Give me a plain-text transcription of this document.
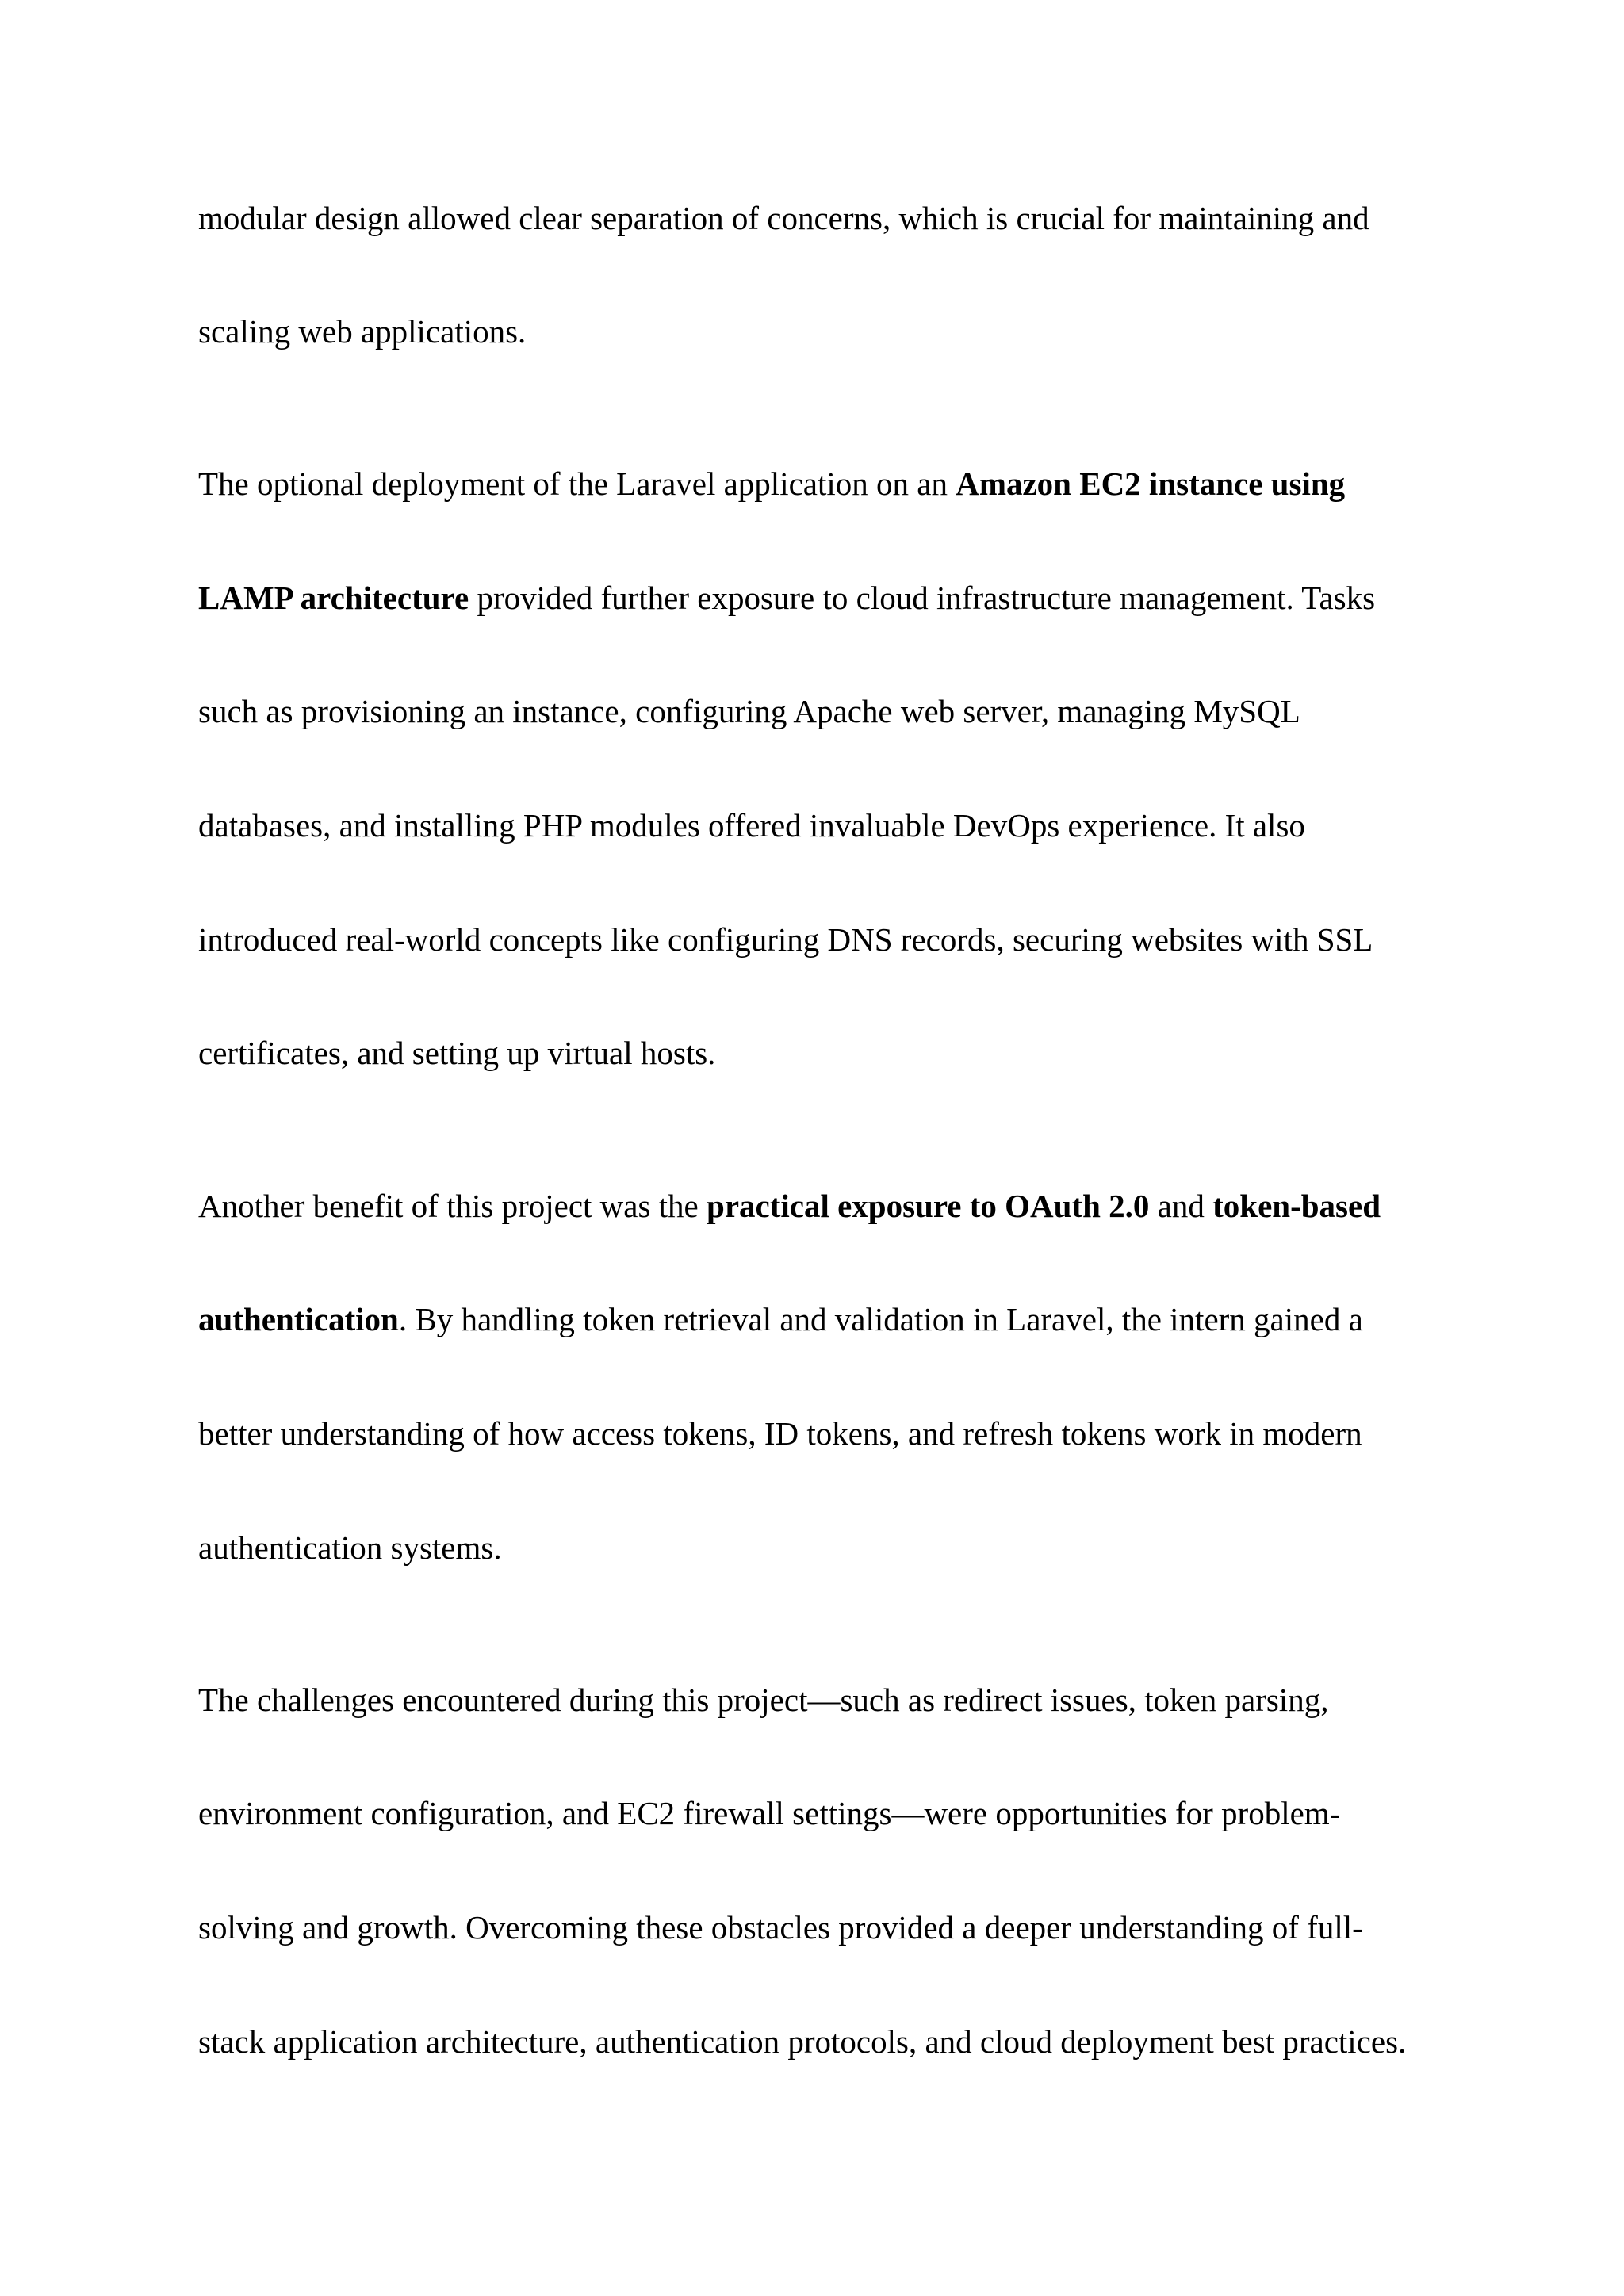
modular design allowed clear separation of concerns, which is crucial for maintaining and

scaling web applications.

The optional deployment of the Laravel application on an Amazon EC2 instance using

LAMP architecture provided further exposure to cloud infrastructure management. Tasks

such as provisioning an instance, configuring Apache web server, managing MySQL

databases, and installing PHP modules offered invaluable DevOps experience. It also

introduced real-world concepts like configuring DNS records, securing websites with SSL

certificates, and setting up virtual hosts.

Another benefit of this project was the practical exposure to OAuth 2.0 and token-based

authentication. By handling token retrieval and validation in Laravel, the intern gained a

better understanding of how access tokens, ID tokens, and refresh tokens work in modern

authentication systems.

The challenges encountered during this project—such as redirect issues, token parsing,

environment configuration, and EC2 firewall settings—were opportunities for problem-

solving and growth. Overcoming these obstacles provided a deeper understanding of full-

stack application architecture, authentication protocols, and cloud deployment best practices.
